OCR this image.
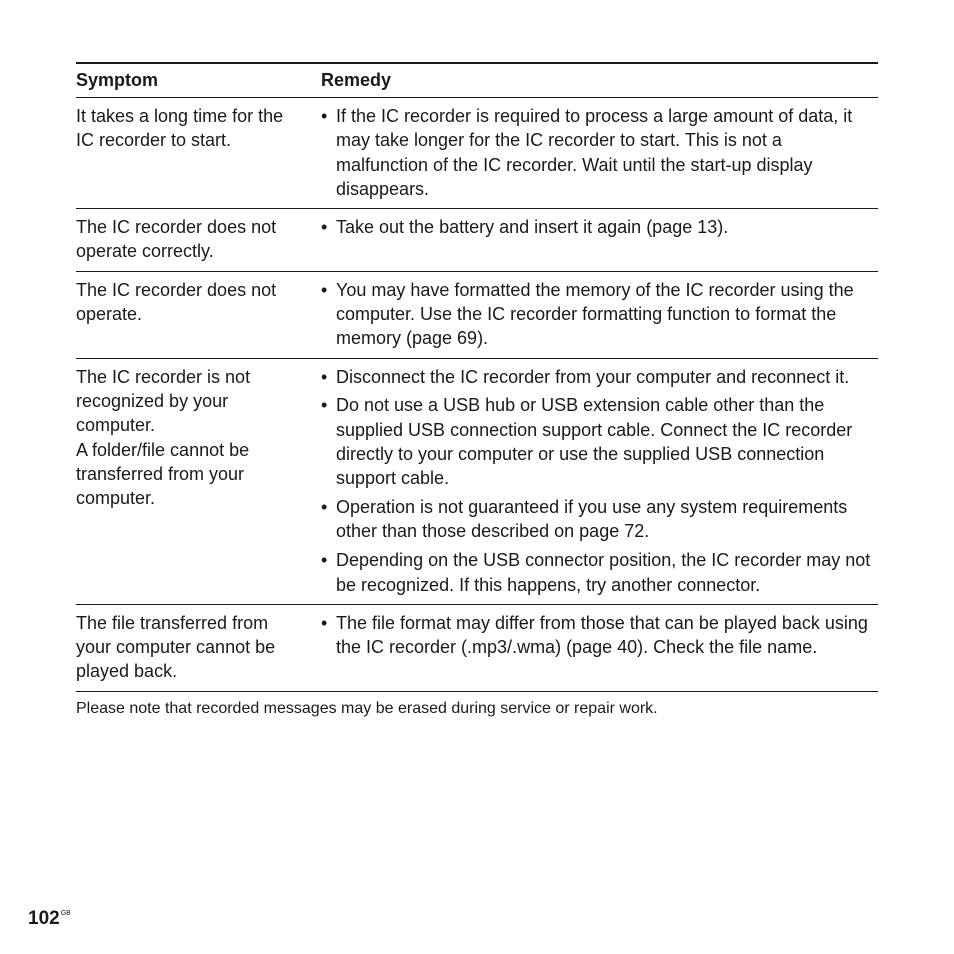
Symptom	Remedy
It takes a long time for the
IC recorder to start.
• If the IC recorder is required to process a large amount of data, it may take longer for the IC recorder to start. This is not a malfunction of the IC recorder. Wait until the start-up display disappears.
The IC recorder does not
operate correctly.
• Take out the battery and insert it again (page 13).
The IC recorder does not
operate.
• You may have formatted the memory of the IC recorder using the computer. Use the IC recorder formatting function to format the memory (page 69).
The IC recorder is not
recognized by your
computer.
A folder/file cannot be
transferred from your
computer.
• Disconnect the IC recorder from your computer and reconnect it.
• Do not use a USB hub or USB extension cable other than the supplied USB connection support cable. Connect the IC recorder directly to your computer or use the supplied USB connection support cable.
• Operation is not guaranteed if you use any system requirements other than those described on page 72.
• Depending on the USB connector position, the IC recorder may not be recognized. If this happens, try another connector.
The file transferred from
your computer cannot be
played back.
• The file format may differ from those that can be played back using the IC recorder (.mp3/.wma) (page 40). Check the file name.
Please note that recorded messages may be erased during service or repair work.
$102^{GB}$
